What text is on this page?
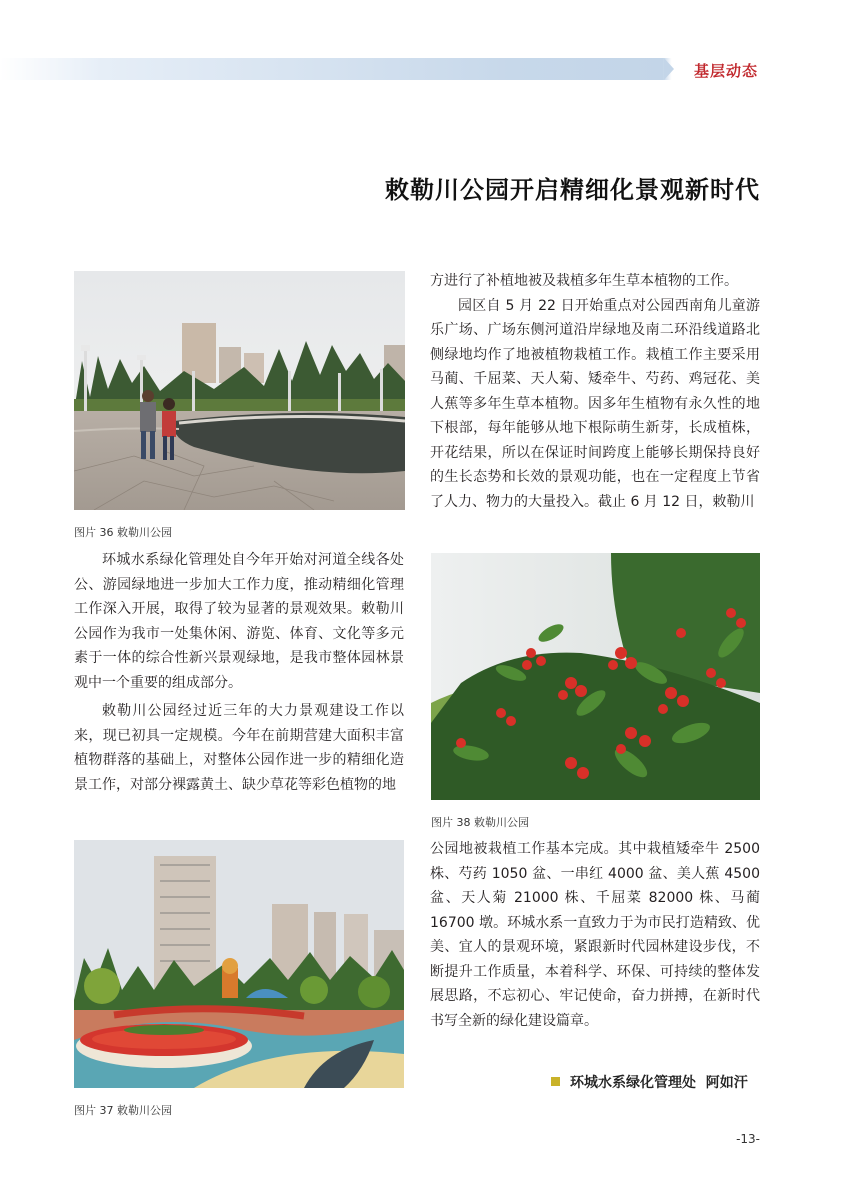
基层动态
敕勒川公园开启精细化景观新时代
图片 36 敕勒川公园

环城水系绿化管理处自今年开始对河道全线各处公、游园绿地进一步加大工作力度，推动精细化管理工作深入开展，取得了较为显著的景观效果。敕勒川公园作为我市一处集休闲、游览、体育、文化等多元素于一体的综合性新兴景观绿地，是我市整体园林景观中一个重要的组成部分。

敕勒川公园经过近三年的大力景观建设工作以来，现已初具一定规模。今年在前期营建大面积丰富植物群落的基础上，对整体公园作进一步的精细化造景工作，对部分裸露黄土、缺少草花等彩色植物的地

图片 37 敕勒川公园

方进行了补植地被及栽植多年生草本植物的工作。

园区自 5 月 22 日开始重点对公园西南角儿童游乐广场、广场东侧河道沿岸绿地及南二环沿线道路北侧绿地均作了地被植物栽植工作。栽植工作主要采用马蔺、千屈菜、天人菊、矮牵牛、芍药、鸡冠花、美人蕉等多年生草本植物。因多年生植物有永久性的地下根部，每年能够从地下根际萌生新芽，长成植株，开花结果，所以在保证时间跨度上能够长期保持良好的生长态势和长效的景观功能，也在一定程度上节省了人力、物力的大量投入。截止 6 月 12 日，敕勒川

图片 38 敕勒川公园

公园地被栽植工作基本完成。其中栽植矮牵牛 2500 株、芍药 1050 盆、一串红 4000 盆、美人蕉 4500 盆、天人菊 21000 株、千屈菜 82000 株、马蔺 16700 墩。环城水系一直致力于为市民打造精致、优美、宜人的景观环境，紧跟新时代园林建设步伐，不断提升工作质量，本着科学、环保、可持续的整体发展思路，不忘初心、牢记使命，奋力拼搏，在新时代书写全新的绿化建设篇章。

环城水系绿化管理处  阿如汗
-13-
